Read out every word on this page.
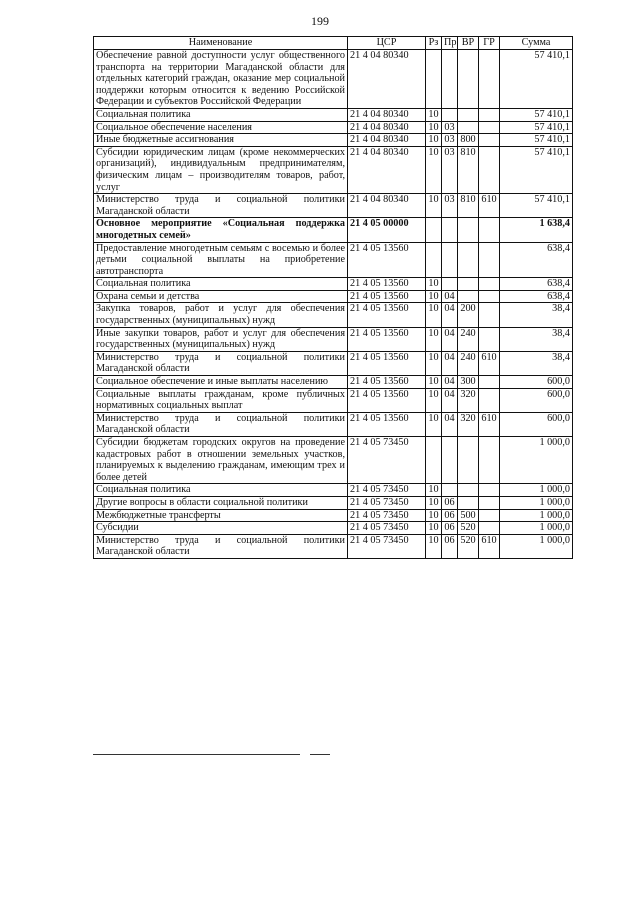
199
Наименование	ЦСР	Рз	Пр	ВР	ГР	Сумма
Обеспечение равной доступности услуг общественного транспорта на территории Магаданской области для отдельных категорий граждан, оказание мер социальной поддержки которым относится к ведению Российской Федерации и субъектов Российской Федерации	21 4 04 80340					57 410,1
Социальная политика	21 4 04 80340	10				57 410,1
Социальное обеспечение населения	21 4 04 80340	10	03			57 410,1
Иные бюджетные ассигнования	21 4 04 80340	10	03	800		57 410,1
Субсидии юридическим лицам (кроме некоммерческих организаций), индивидуальным предпринимателям, физическим лицам – производителям товаров, работ, услуг	21 4 04 80340	10	03	810		57 410,1
Министерство труда и социальной политики Магаданской области	21 4 04 80340	10	03	810	610	57 410,1
Основное мероприятие «Социальная поддержка многодетных семей»	21 4 05 00000					1 638,4
Предоставление многодетным семьям с восемью и более детьми социальной выплаты на приобретение автотранспорта	21 4 05 13560					638,4
Социальная политика	21 4 05 13560	10				638,4
Охрана семьи и детства	21 4 05 13560	10	04			638,4
Закупка товаров, работ и услуг для обеспечения государственных (муниципальных) нужд	21 4 05 13560	10	04	200		38,4
Иные закупки товаров, работ и услуг для обеспечения государственных (муниципальных) нужд	21 4 05 13560	10	04	240		38,4
Министерство труда и социальной политики Магаданской области	21 4 05 13560	10	04	240	610	38,4
Социальное обеспечение и иные выплаты населению	21 4 05 13560	10	04	300		600,0
Социальные выплаты гражданам, кроме публичных нормативных социальных выплат	21 4 05 13560	10	04	320		600,0
Министерство труда и социальной политики Магаданской области	21 4 05 13560	10	04	320	610	600,0
Субсидии бюджетам городских округов на проведение кадастровых работ в отношении земельных участков, планируемых к выделению гражданам, имеющим трех и более детей	21 4 05 73450					1 000,0
Социальная политика	21 4 05 73450	10				1 000,0
Другие вопросы в области социальной политики	21 4 05 73450	10	06			1 000,0
Межбюджетные трансферты	21 4 05 73450	10	06	500		1 000,0
Субсидии	21 4 05 73450	10	06	520		1 000,0
Министерство труда и социальной политики Магаданской области	21 4 05 73450	10	06	520	610	1 000,0
